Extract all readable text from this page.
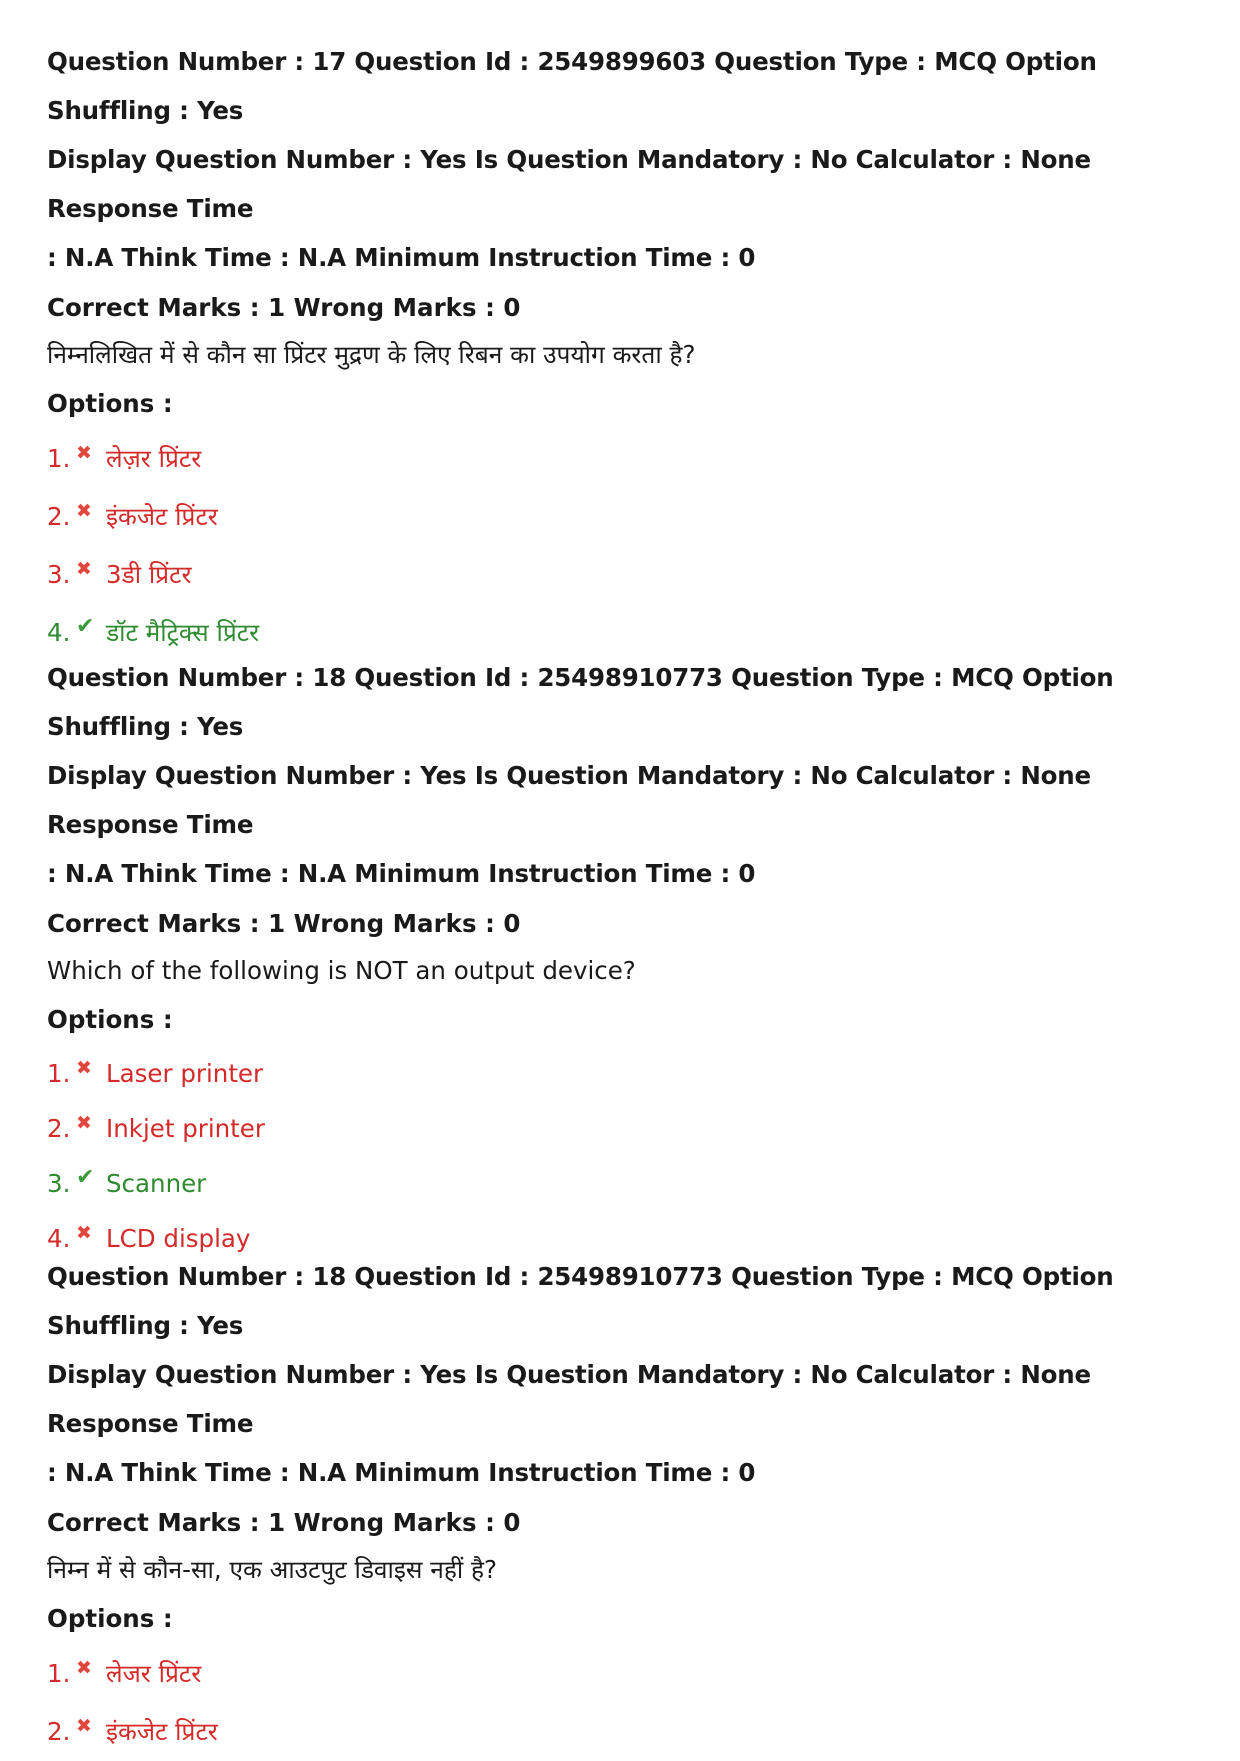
Question Number : 17 Question Id : 2549899603 Question Type : MCQ Option Shuffling : Yes

Display Question Number : Yes Is Question Mandatory : No Calculator : None Response Time

: N.A Think Time : N.A Minimum Instruction Time : 0

Correct Marks : 1 Wrong Marks : 0

निम्नलिखित में से कौन सा प्रिंटर मुद्रण के लिए रिबन का उपयोग करता है?

Options :

1. ✖ लेज़र प्रिंटर
2. ✖ इंकजेट प्रिंटर
3. ✖ 3डी प्रिंटर
4. ✔ डॉट मैट्रिक्स प्रिंटर

Question Number : 18 Question Id : 25498910773 Question Type : MCQ Option Shuffling : Yes

Display Question Number : Yes Is Question Mandatory : No Calculator : None Response Time

: N.A Think Time : N.A Minimum Instruction Time : 0

Correct Marks : 1 Wrong Marks : 0

Which of the following is NOT an output device?

Options :

1. ✖ Laser printer
2. ✖ Inkjet printer
3. ✔ Scanner
4. ✖ LCD display

Question Number : 18 Question Id : 25498910773 Question Type : MCQ Option Shuffling : Yes

Display Question Number : Yes Is Question Mandatory : No Calculator : None Response Time

: N.A Think Time : N.A Minimum Instruction Time : 0

Correct Marks : 1 Wrong Marks : 0

निम्न में से कौन-सा, एक आउटपुट डिवाइस नहीं है?

Options :

1. ✖ लेजर प्रिंटर
2. ✖ इंकजेट प्रिंटर
